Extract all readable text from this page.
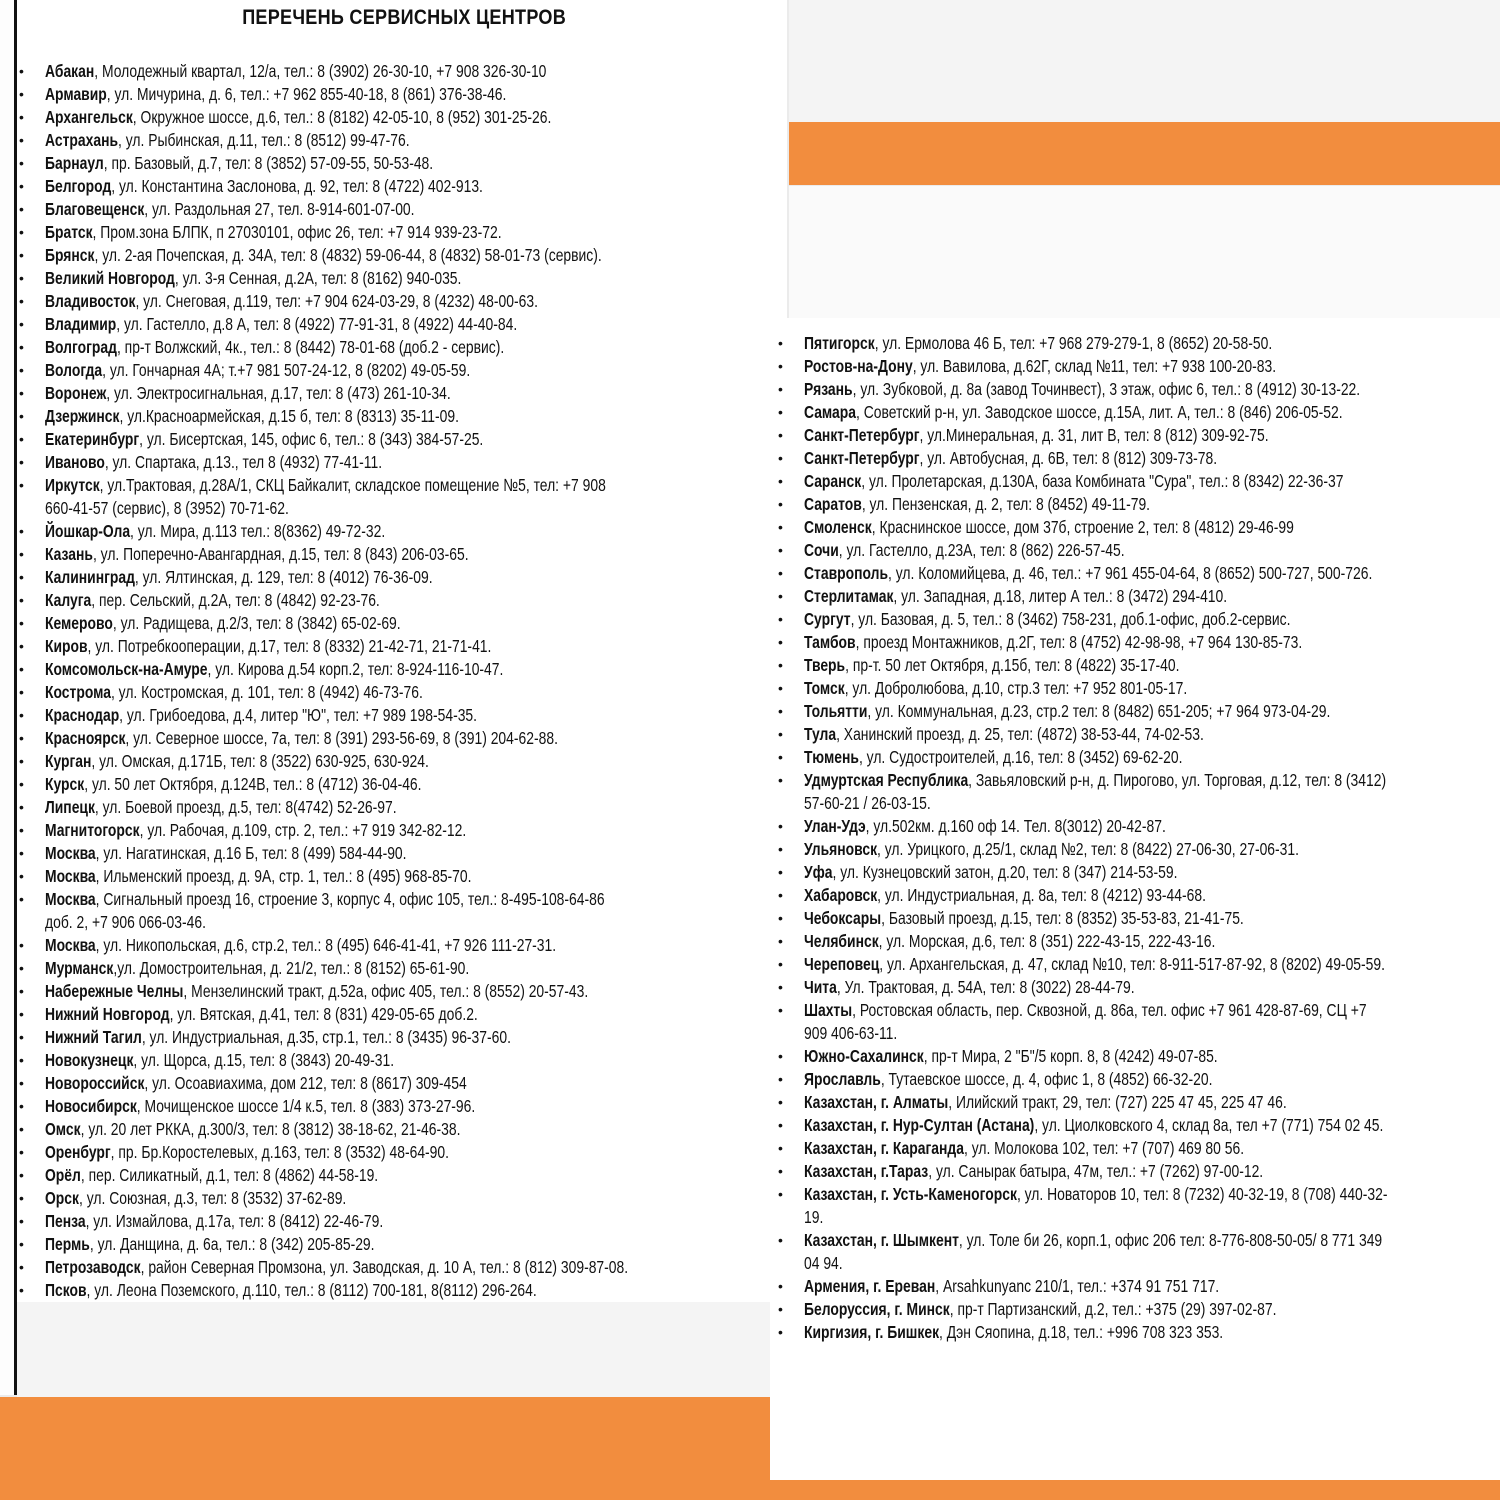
ПЕРЕЧЕНЬ СЕРВИСНЫХ ЦЕНТРОВ
• Абакан, Молодежный квартал, 12/а, тел.: 8 (3902) 26-30-10, +7 908 326-30-10
• Армавир, ул. Мичурина, д. 6, тел.: +7 962 855-40-18, 8 (861) 376-38-46.
• Архангельск, Окружное шоссе, д.6, тел.: 8 (8182) 42-05-10, 8 (952) 301-25-26.
• Астрахань, ул. Рыбинская, д.11, тел.: 8 (8512) 99-47-76.
• Барнаул, пр. Базовый, д.7, тел: 8 (3852) 57-09-55, 50-53-48.
• Белгород, ул. Константина Заслонова, д. 92, тел: 8 (4722) 402-913.
• Благовещенск, ул. Раздольная 27, тел. 8-914-601-07-00.
• Братск, Пром.зона БЛПК, п 27030101, офис 26, тел: +7 914 939-23-72.
• Брянск, ул. 2-ая Почепская, д. 34А, тел: 8 (4832) 59-06-44, 8 (4832) 58-01-73 (сервис).
• Великий Новгород, ул. 3-я Сенная, д.2А, тел: 8 (8162) 940-035.
• Владивосток, ул. Снеговая, д.119, тел: +7 904 624-03-29, 8 (4232) 48-00-63.
• Владимир, ул. Гастелло, д.8 А, тел: 8 (4922) 77-91-31, 8 (4922) 44-40-84.
• Волгоград, пр-т Волжский, 4к., тел.: 8 (8442) 78-01-68 (доб.2 - сервис).
• Вологда, ул. Гончарная 4А; т.+7 981 507-24-12, 8 (8202) 49-05-59.
• Воронеж, ул. Электросигнальная, д.17, тел: 8 (473) 261-10-34.
• Дзержинск, ул.Красноармейская, д.15 б, тел: 8 (8313) 35-11-09.
• Екатеринбург, ул. Бисертская, 145, офис 6, тел.: 8 (343) 384-57-25.
• Иваново, ул. Спартака, д.13., тел 8 (4932) 77-41-11.
• Иркутск, ул.Трактовая, д.28А/1, СКЦ Байкалит, складское помещение №5, тел: +7 908
660-41-57 (сервис), 8 (3952) 70-71-62.
• Йошкар-Ола, ул. Мира, д.113 тел.: 8(8362) 49-72-32.
• Казань, ул. Поперечно-Авангардная, д.15, тел: 8 (843) 206-03-65.
• Калининград, ул. Ялтинская, д. 129, тел: 8 (4012) 76-36-09.
• Калуга, пер. Сельский, д.2А, тел: 8 (4842) 92-23-76.
• Кемерово, ул. Радищева, д.2/3, тел: 8 (3842) 65-02-69.
• Киров, ул. Потребкооперации, д.17, тел: 8 (8332) 21-42-71, 21-71-41.
• Комсомольск-на-Амуре, ул. Кирова д.54 корп.2, тел: 8-924-116-10-47.
• Кострома, ул. Костромская, д. 101, тел: 8 (4942) 46-73-76.
• Краснодар, ул. Грибоедова, д.4, литер "Ю", тел: +7 989 198-54-35.
• Красноярск, ул. Северное шоссе, 7а, тел: 8 (391) 293-56-69, 8 (391) 204-62-88.
• Курган, ул. Омская, д.171Б, тел: 8 (3522) 630-925, 630-924.
• Курск, ул. 50 лет Октября, д.124В, тел.: 8 (4712) 36-04-46.
• Липецк, ул. Боевой проезд, д.5, тел: 8(4742) 52-26-97.
• Магнитогорск, ул. Рабочая, д.109, стр. 2, тел.: +7 919 342-82-12.
• Москва, ул. Нагатинская, д.16 Б, тел: 8 (499) 584-44-90.
• Москва, Ильменский проезд, д. 9А, стр. 1, тел.: 8 (495) 968-85-70.
• Москва, Сигнальный проезд 16, строение 3, корпус 4, офис 105, тел.: 8-495-108-64-86
доб. 2, +7 906 066-03-46.
• Москва, ул. Никопольская, д.6, стр.2, тел.: 8 (495) 646-41-41, +7 926 111-27-31.
• Мурманск,ул. Домостроительная, д. 21/2, тел.: 8 (8152) 65-61-90.
• Набережные Челны, Мензелинский тракт, д.52а, офис 405, тел.: 8 (8552) 20-57-43.
• Нижний Новгород, ул. Вятская, д.41, тел: 8 (831) 429-05-65 доб.2.
• Нижний Тагил, ул. Индустриальная, д.35, стр.1, тел.: 8 (3435) 96-37-60.
• Новокузнецк, ул. Щорса, д.15, тел: 8 (3843) 20-49-31.
• Новороссийск, ул. Осоавиахима, дом 212, тел: 8 (8617) 309-454
• Новосибирск, Мочищенское шоссе 1/4 к.5, тел. 8 (383) 373-27-96.
• Омск, ул. 20 лет РККА, д.300/3, тел: 8 (3812) 38-18-62, 21-46-38.
• Оренбург, пр. Бр.Коростелевых, д.163, тел: 8 (3532) 48-64-90.
• Орёл, пер. Силикатный, д.1, тел: 8 (4862) 44-58-19.
• Орск, ул. Союзная, д.3, тел: 8 (3532) 37-62-89.
• Пенза, ул. Измайлова, д.17а, тел: 8 (8412) 22-46-79.
• Пермь, ул. Данщина, д. 6а, тел.: 8 (342) 205-85-29.
• Петрозаводск, район Северная Промзона, ул. Заводская, д. 10 А, тел.: 8 (812) 309-87-08.
• Псков, ул. Леона Поземского, д.110, тел.: 8 (8112) 700-181, 8(8112) 296-264.
• Пятигорск, ул. Ермолова 46 Б, тел: +7 968 279-279-1, 8 (8652) 20-58-50.
• Ростов-на-Дону, ул. Вавилова, д.62Г, склад №11, тел: +7 938 100-20-83.
• Рязань, ул. Зубковой, д. 8а (завод Точинвест), 3 этаж, офис 6, тел.: 8 (4912) 30-13-22.
• Самара, Советский р-н, ул. Заводское шоссе, д.15А, лит. А, тел.: 8 (846) 206-05-52.
• Санкт-Петербург, ул.Минеральная, д. 31, лит В, тел: 8 (812) 309-92-75.
• Санкт-Петербург, ул. Автобусная, д. 6В, тел: 8 (812) 309-73-78.
• Саранск, ул. Пролетарская, д.130А, база Комбината "Сура", тел.: 8 (8342) 22-36-37
• Саратов, ул. Пензенская, д. 2, тел: 8 (8452) 49-11-79.
• Смоленск, Краснинское шоссе, дом 37б, строение 2, тел: 8 (4812) 29-46-99
• Сочи, ул. Гастелло, д.23А, тел: 8 (862) 226-57-45.
• Ставрополь, ул. Коломийцева, д. 46, тел.: +7 961 455-04-64, 8 (8652) 500-727, 500-726.
• Стерлитамак, ул. Западная, д.18, литер А тел.: 8 (3472) 294-410.
• Сургут, ул. Базовая, д. 5, тел.: 8 (3462) 758-231, доб.1-офис, доб.2-сервис.
• Тамбов, проезд Монтажников, д.2Г, тел: 8 (4752) 42-98-98, +7 964 130-85-73.
• Тверь, пр-т. 50 лет Октября, д.15б, тел: 8 (4822) 35-17-40.
• Томск, ул. Добролюбова, д.10, стр.3 тел: +7 952 801-05-17.
• Тольятти, ул. Коммунальная, д.23, стр.2 тел: 8 (8482) 651-205; +7 964 973-04-29.
• Тула, Ханинский проезд, д. 25, тел: (4872) 38-53-44, 74-02-53.
• Тюмень, ул. Судостроителей, д.16, тел: 8 (3452) 69-62-20.
• Удмуртская Республика, Завьяловский р-н, д. Пирогово, ул. Торговая, д.12, тел: 8 (3412)
57-60-21 / 26-03-15.
• Улан-Удэ, ул.502км. д.160 оф 14. Тел. 8(3012) 20-42-87.
• Ульяновск, ул. Урицкого, д.25/1, склад №2, тел: 8 (8422) 27-06-30, 27-06-31.
• Уфа, ул. Кузнецовский затон, д.20, тел: 8 (347) 214-53-59.
• Хабаровск, ул. Индустриальная, д. 8а, тел: 8 (4212) 93-44-68.
• Чебоксары, Базовый проезд, д.15, тел: 8 (8352) 35-53-83, 21-41-75.
• Челябинск, ул. Морская, д.6, тел: 8 (351) 222-43-15, 222-43-16.
• Череповец, ул. Архангельская, д. 47, склад №10, тел: 8-911-517-87-92, 8 (8202) 49-05-59.
• Чита, Ул. Трактовая, д. 54А, тел: 8 (3022) 28-44-79.
• Шахты, Ростовская область, пер. Сквозной, д. 86а, тел. офис +7 961 428-87-69, СЦ +7
909 406-63-11.
• Южно-Сахалинск, пр-т Мира, 2 "Б"/5 корп. 8, 8 (4242) 49-07-85.
• Ярославль, Тутаевское шоссе, д. 4, офис 1, 8 (4852) 66-32-20.
• Казахстан, г. Алматы, Илийский тракт, 29, тел: (727) 225 47 45, 225 47 46.
• Казахстан, г. Нур-Султан (Астана), ул. Циолковского 4, склад 8а, тел +7 (771) 754 02 45.
• Казахстан, г. Караганда, ул. Молокова 102, тел: +7 (707) 469 80 56.
• Казахстан, г.Тараз, ул. Санырак батыра, 47м, тел.: +7 (7262) 97-00-12.
• Казахстан, г. Усть-Каменогорск, ул. Новаторов 10, тел: 8 (7232) 40-32-19, 8 (708) 440-32-
19.
• Казахстан, г. Шымкент, ул. Толе би 26, корп.1, офис 206 тел: 8-776-808-50-05/ 8 771 349
04 94.
• Армения, г. Ереван, Arsahkunyanc 210/1, тел.: +374 91 751 717.
• Белоруссия, г. Минск, пр-т Партизанский, д.2, тел.: +375 (29) 397-02-87.
• Киргизия, г. Бишкек, Дэн Сяопина, д.18, тел.: +996 708 323 353.
